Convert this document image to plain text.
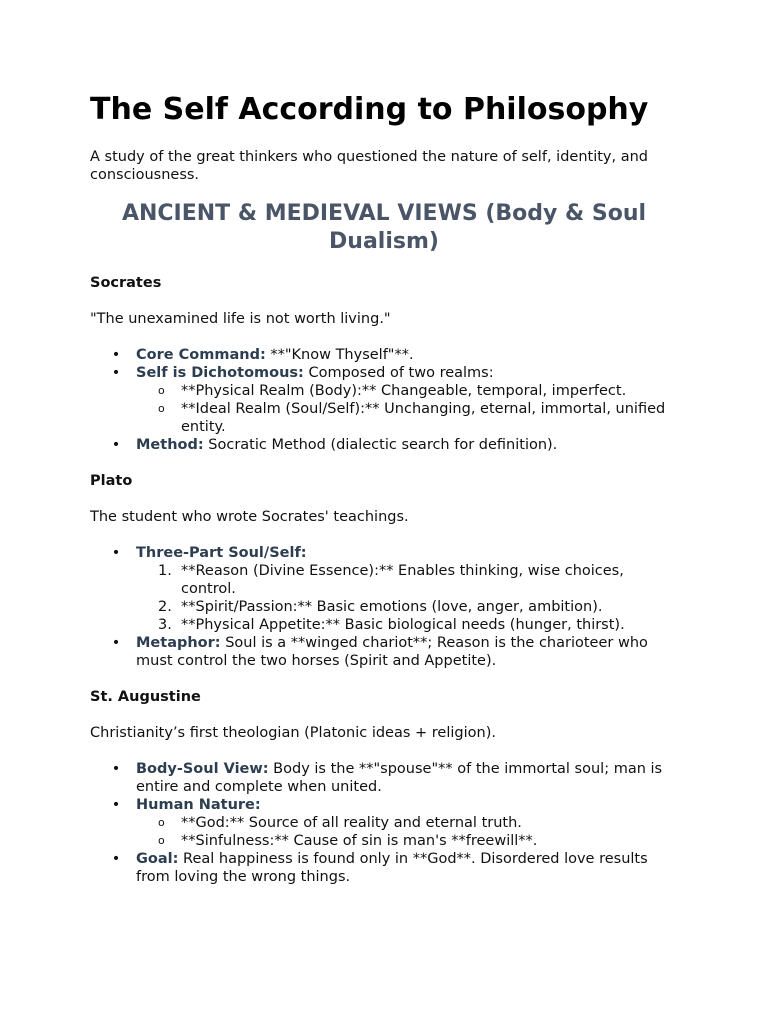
The Self According to Philosophy

A study of the great thinkers who questioned the nature of self, identity, and consciousness.

ANCIENT & MEDIEVAL VIEWS (Body & Soul Dualism)
Socrates
"The unexamined life is not worth living."
• Core Command: **"Know Thyself"**.
• Self is Dichotomous: Composed of two realms:
o **Physical Realm (Body):** Changeable, temporal, imperfect.
o **Ideal Realm (Soul/Self):** Unchanging, eternal, immortal, unified entity.
• Method: Socratic Method (dialectic search for definition).
Plato
The student who wrote Socrates' teachings.
• Three-Part Soul/Self:
1. **Reason (Divine Essence):** Enables thinking, wise choices, control.
2. **Spirit/Passion:** Basic emotions (love, anger, ambition).
3. **Physical Appetite:** Basic biological needs (hunger, thirst).
• Metaphor: Soul is a **winged chariot**; Reason is the charioteer who must control the two horses (Spirit and Appetite).
St. Augustine
Christianity’s first theologian (Platonic ideas + religion).
• Body-Soul View: Body is the **"spouse"** of the immortal soul; man is entire and complete when united.
• Human Nature:
o **God:** Source of all reality and eternal truth.
o **Sinfulness:** Cause of sin is man's **freewill**.
• Goal: Real happiness is found only in **God**. Disordered love results from loving the wrong things.
